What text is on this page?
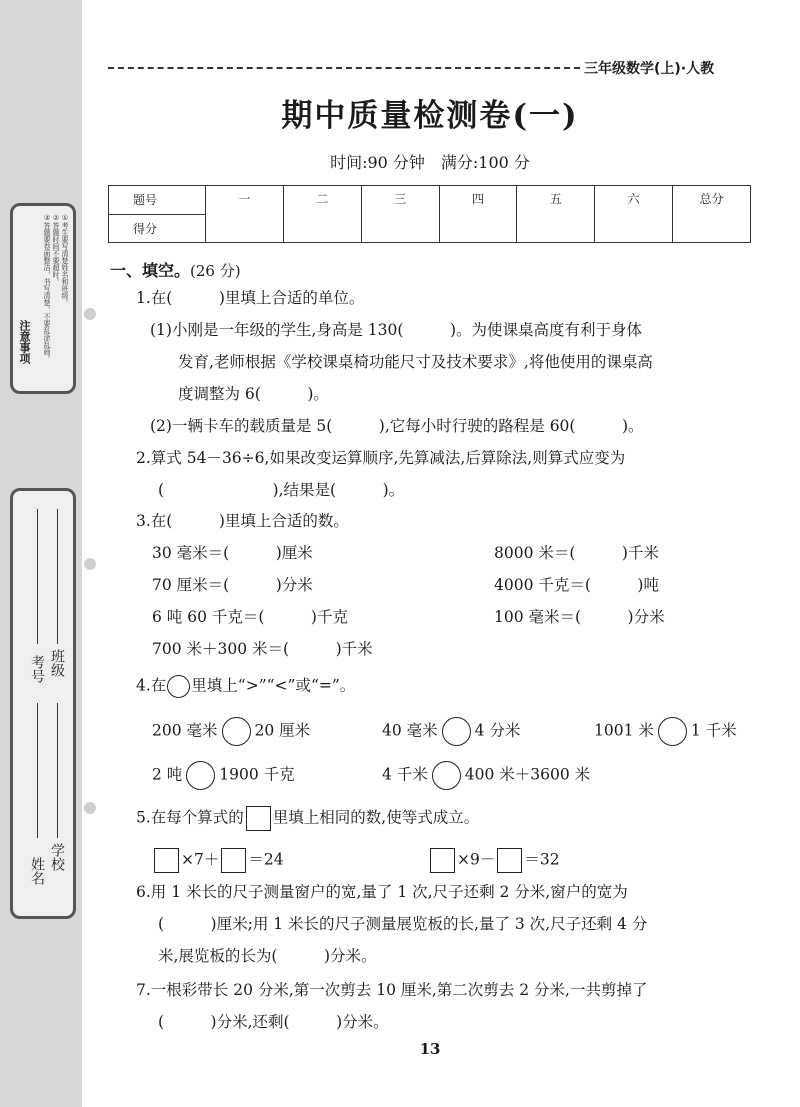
注意事项
①考生要写清楚姓名和班级。
②答题时间不要超时。
③答题要卷面整洁，书写清楚，不要乱涂乱画。
班级
考号
学校
姓名
三年级数学(上)·人教
期中质量检测卷(一)
时间:90 分钟　满分:100 分
题号	一	二	三	四	五	六	总分
得分
一、填空。(26 分)
1.在(　　　)里填上合适的单位。
(1)小刚是一年级的学生,身高是 130(　　　)。为使课桌高度有利于身体
发育,老师根据《学校课桌椅功能尺寸及技术要求》,将他使用的课桌高
度调整为 6(　　　)。
(2)一辆卡车的载质量是 5(　　　),它每小时行驶的路程是 60(　　　)。
2.算式 54－36÷6,如果改变运算顺序,先算减法,后算除法,则算式应变为
(　　　　　　　),结果是(　　　)。
3.在(　　　)里填上合适的数。
30 毫米＝(　　　)厘米	8000 米＝(　　　)千米
70 厘米＝(　　　)分米	4000 千克＝(　　　)吨
6 吨 60 千克＝(　　　)千克	100 毫米＝(　　　)分米
700 米＋300 米＝(　　　)千米
4.在 里填上“>”“<”或“=”。
200 毫米 20 厘米	40 毫米 4 分米	1001 米 1 千米
2 吨 1900 千克	4 千米 400 米＋3600 米
5.在每个算式的 里填上相同的数,使等式成立。
×7＋ ＝24	×9－ ＝32
6.用 1 米长的尺子测量窗户的宽,量了 1 次,尺子还剩 2 分米,窗户的宽为
(　　　)厘米;用 1 米长的尺子测量展览板的长,量了 3 次,尺子还剩 4 分
米,展览板的长为(　　　)分米。
7.一根彩带长 20 分米,第一次剪去 10 厘米,第二次剪去 2 分米,一共剪掉了
(　　　)分米,还剩(　　　)分米。
13
